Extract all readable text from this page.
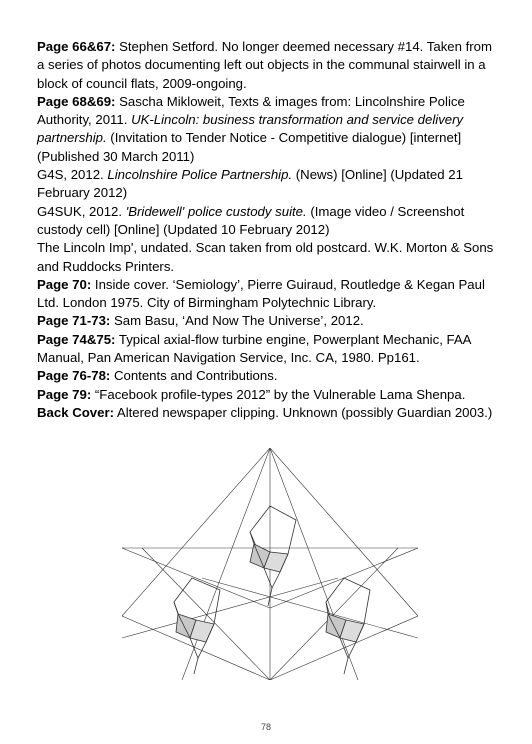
Page 66&67: Stephen Setford. No longer deemed necessary #14. Taken from a series of photos documenting left out objects in the communal stairwell in a block of council flats, 2009-ongoing.

Page 68&69: Sascha Mikloweit, Texts & images from: Lincolnshire Police Authority, 2011. UK-Lincoln: business transformation and service delivery partnership. (Invitation to Tender Notice - Competitive dialogue) [internet] (Published 30 March 2011)

G4S, 2012. Lincolnshire Police Partnership. (News) [Online] (Updated 21 February 2012)

G4SUK, 2012. 'Bridewell' police custody suite. (Image video / Screenshot custody cell) [Online] (Updated 10 February 2012)

The Lincoln Imp', undated. Scan taken from old postcard. W.K. Morton & Sons and Ruddocks Printers.

Page 70: Inside cover. ‘Semiology’, Pierre Guiraud, Routledge & Kegan Paul Ltd. London 1975. City of Birmingham Polytechnic Library.

Page 71-73: Sam Basu, ‘And Now The Universe’, 2012.

Page 74&75: Typical axial-flow turbine engine, Powerplant Mechanic, FAA Manual, Pan American Navigation Service, Inc. CA, 1980. Pp161.

Page 76-78: Contents and Contributions.

Page 79: “Facebook profile-types 2012” by the Vulnerable Lama Shenpa.

Back Cover: Altered newspaper clipping. Unknown (possibly Guardian 2003.)

78
